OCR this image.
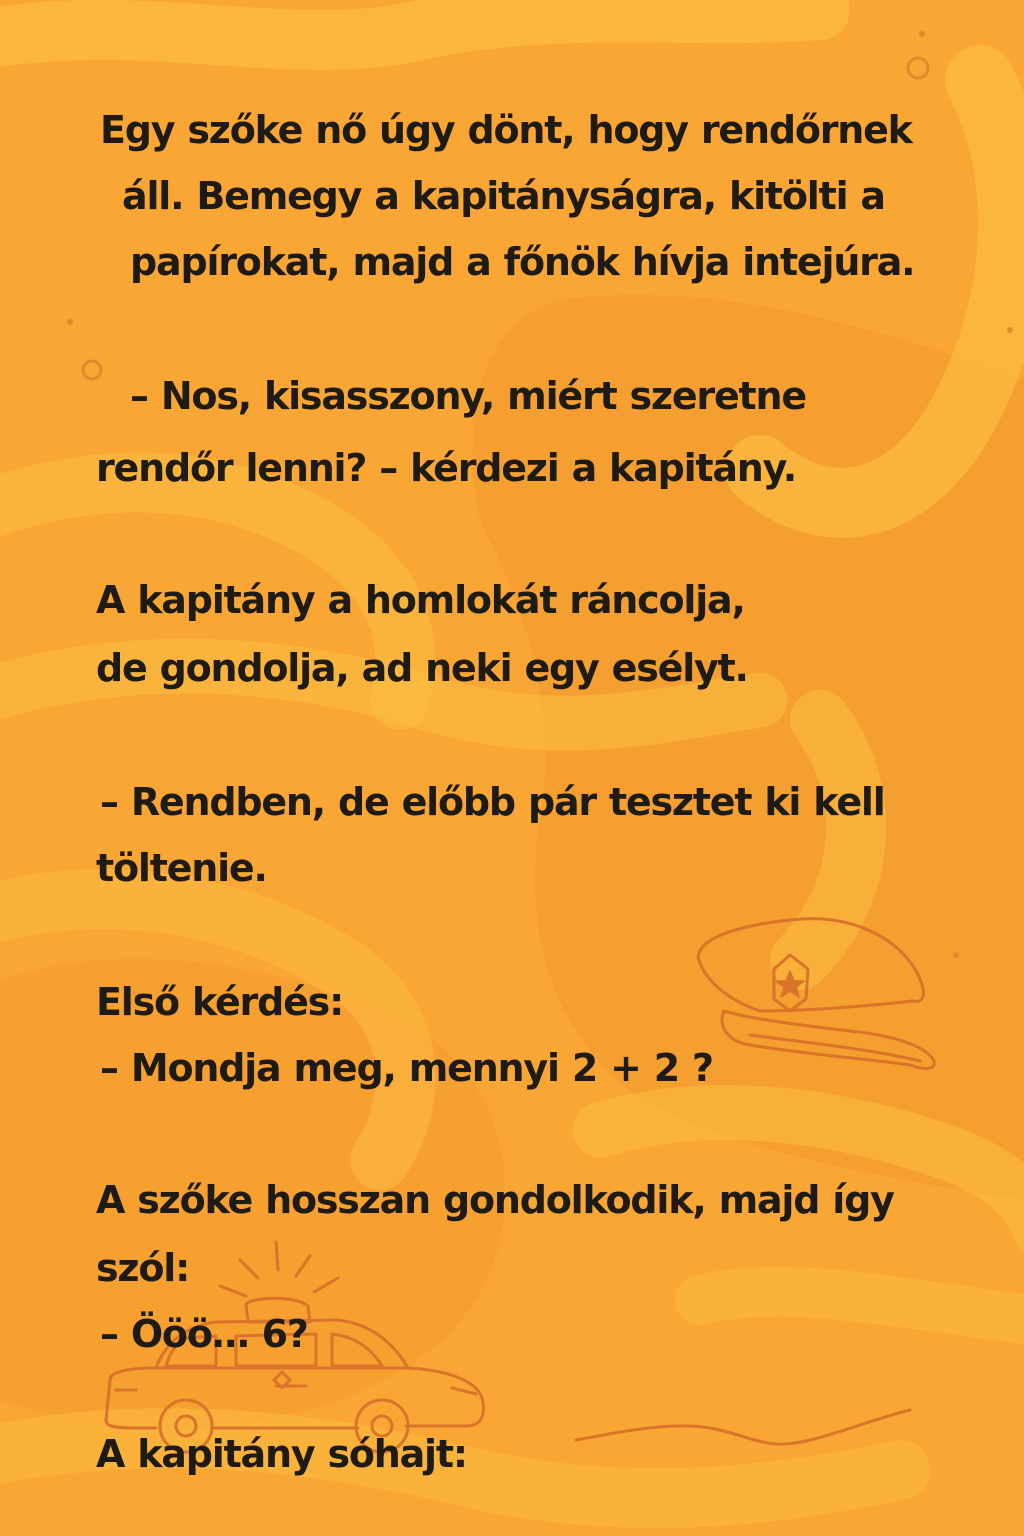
Egy szőke nő úgy dönt, hogy rendőrnek
áll. Bemegy a kapitányságra, kitölti a
papírokat, majd a főnök hívja intejúra.
– Nos, kisasszony, miért szeretne
rendőr lenni? – kérdezi a kapitány.
A kapitány a homlokát ráncolja,
de gondolja, ad neki egy esélyt.
– Rendben, de előbb pár tesztet ki kell
töltenie.
Első kérdés:
– Mondja meg, mennyi 2 + 2 ?
A szőke hosszan gondolkodik, majd így
szól:
– Ööö… 6?
A kapitány sóhajt:
